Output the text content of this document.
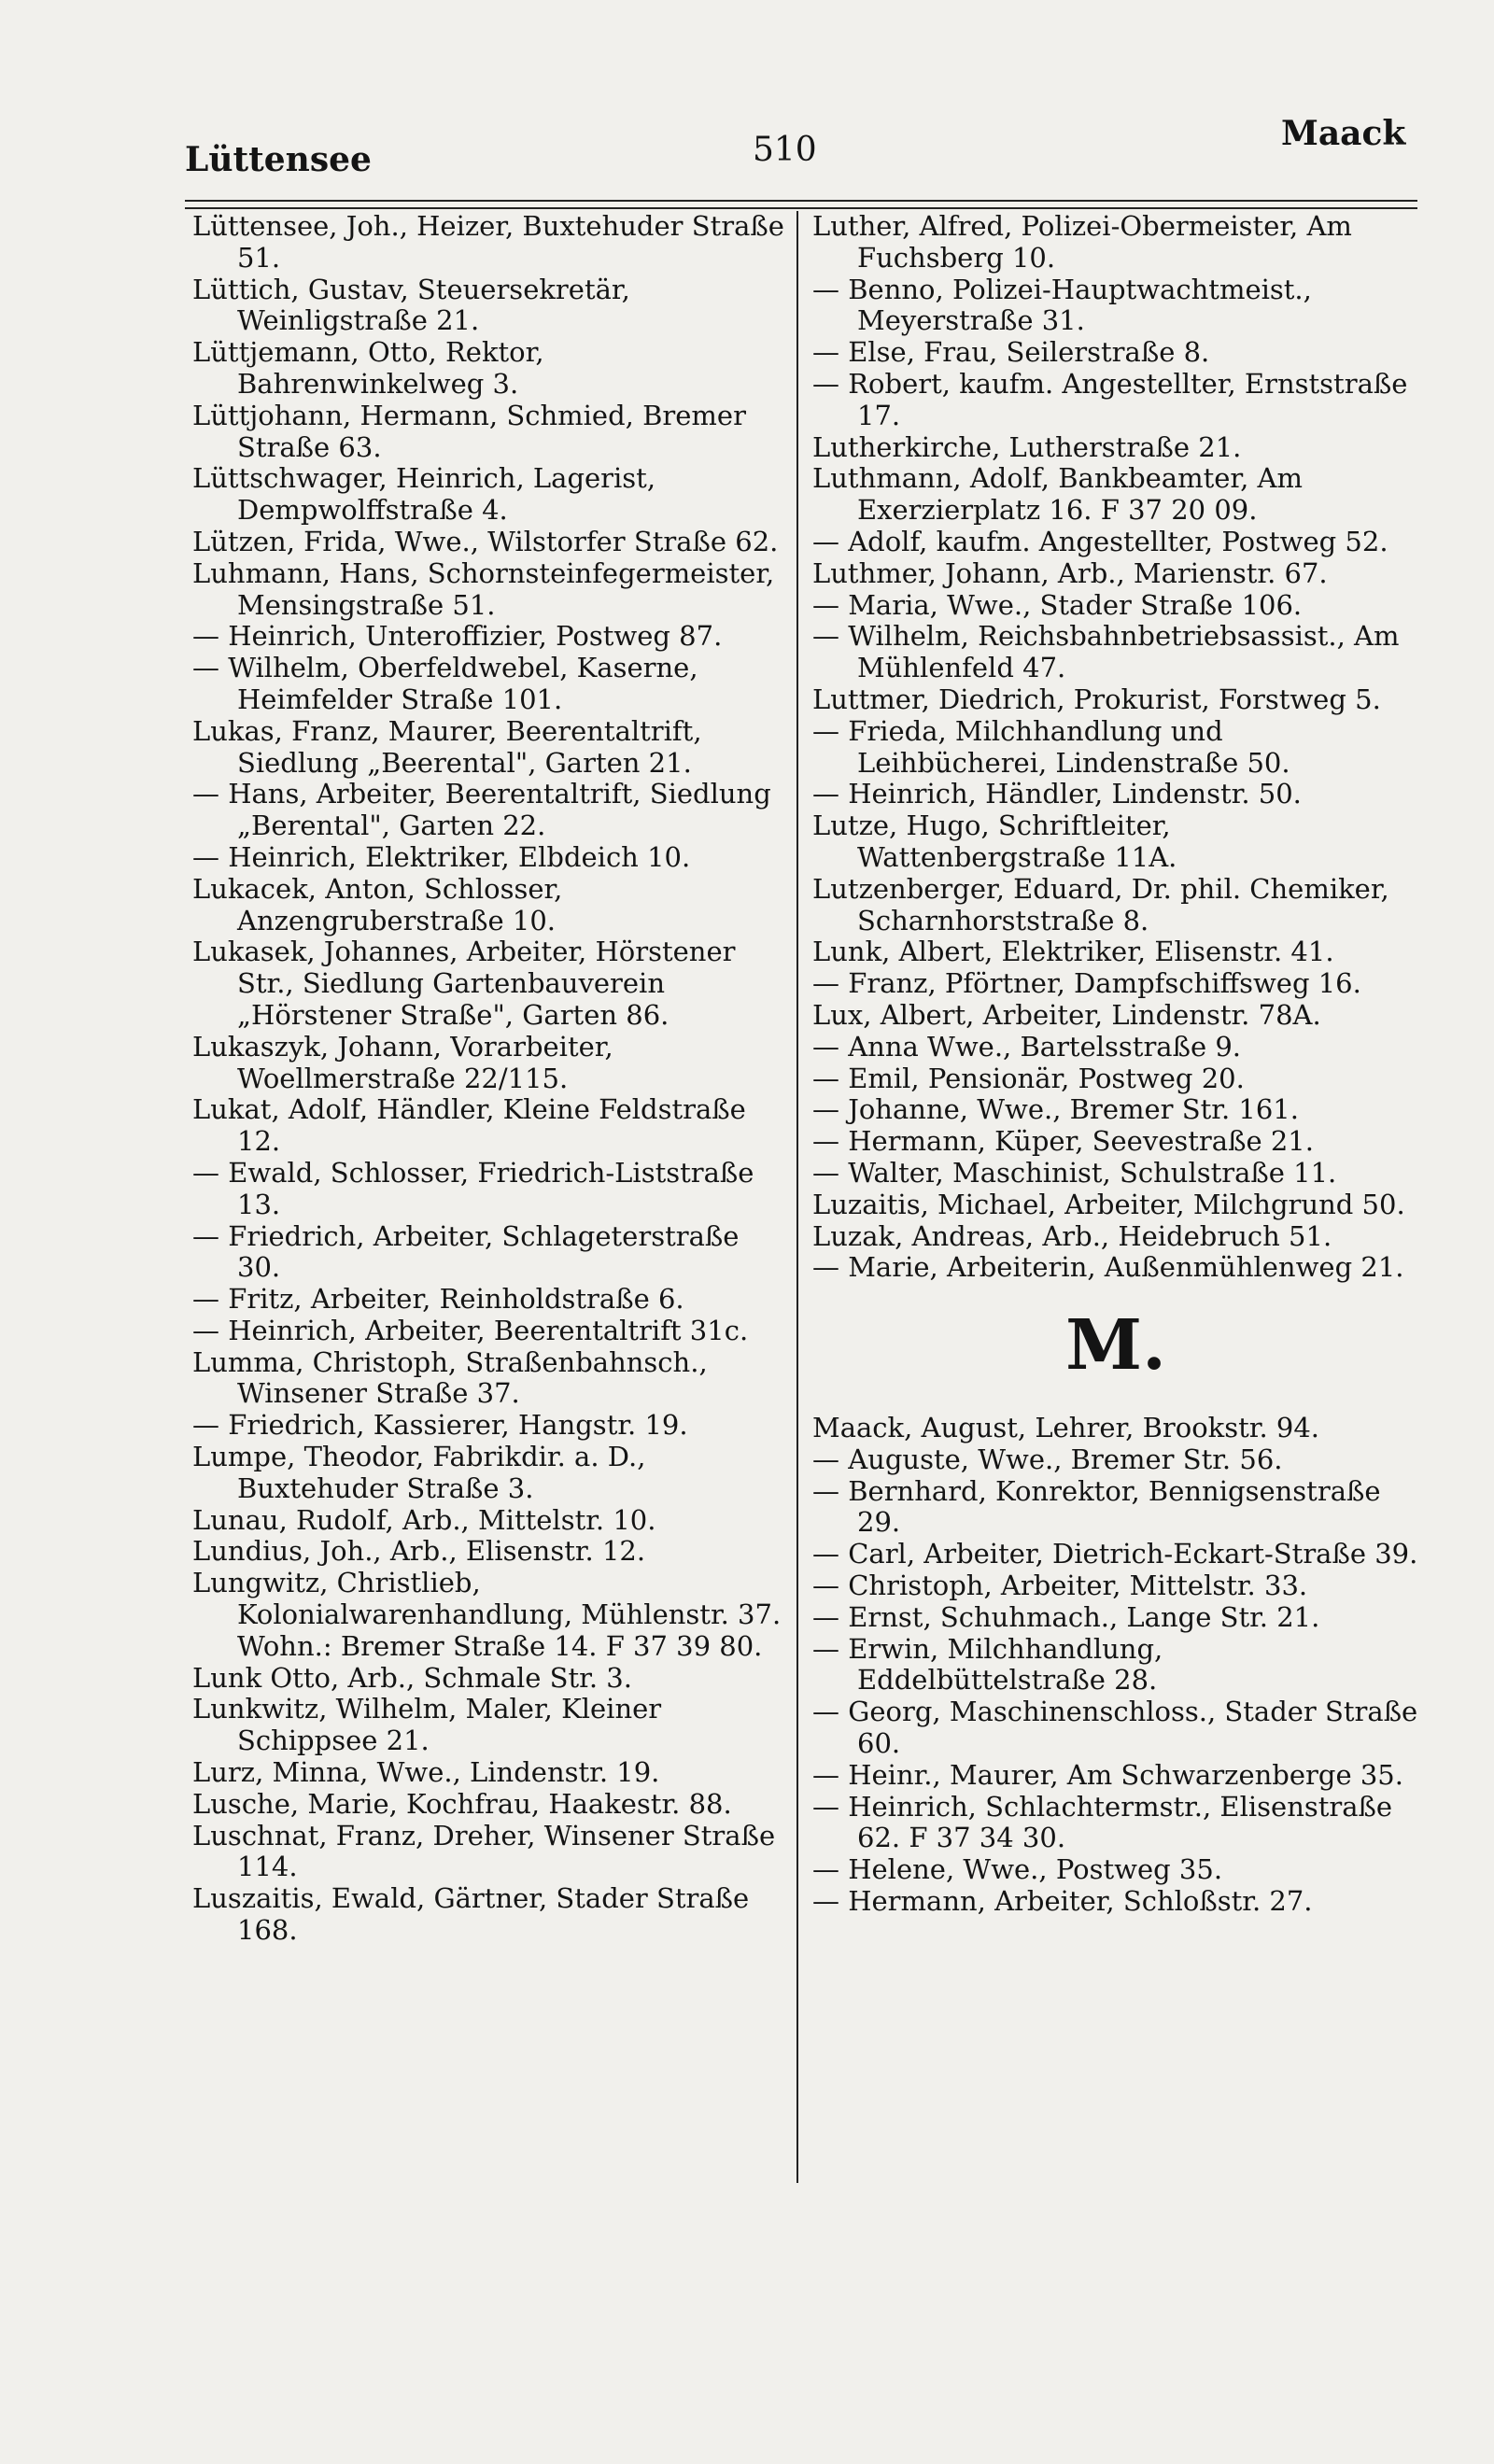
Lüttensee	510	Maack

Lüttensee, Joh., Heizer, Buxtehuder Straße 51.

Lüttich, Gustav, Steuersekretär, Weinligstraße 21.

Lüttjemann, Otto, Rektor, Bahrenwinkelweg 3.

Lüttjohann, Hermann, Schmied, Bremer Straße 63.

Lüttschwager, Heinrich, Lagerist, Dempwolffstraße 4.

Lützen, Frida, Wwe., Wilstorfer Straße 62.

Luhmann, Hans, Schornsteinfegermeister, Mensingstraße 51.

— Heinrich, Unteroffizier, Postweg 87.

— Wilhelm, Oberfeldwebel, Kaserne, Heimfelder Straße 101.

Lukas, Franz, Maurer, Beerentaltrift, Siedlung „Beerental", Garten 21.

— Hans, Arbeiter, Beerentaltrift, Siedlung „Berental", Garten 22.

— Heinrich, Elektriker, Elbdeich 10.

Lukacek, Anton, Schlosser, Anzengruberstraße 10.

Lukasek, Johannes, Arbeiter, Hörstener Str., Siedlung Gartenbauverein „Hörstener Straße", Garten 86.

Lukaszyk, Johann, Vorarbeiter, Woellmerstraße 22/115.

Lukat, Adolf, Händler, Kleine Feldstraße 12.

— Ewald, Schlosser, Friedrich-Liststraße 13.

— Friedrich, Arbeiter, Schlageterstraße 30.

— Fritz, Arbeiter, Reinholdstraße 6.

— Heinrich, Arbeiter, Beerentaltrift 31c.

Lumma, Christoph, Straßenbahnsch., Winsener Straße 37.

— Friedrich, Kassierer, Hangstr. 19.

Lumpe, Theodor, Fabrikdir. a. D., Buxtehuder Straße 3.

Lunau, Rudolf, Arb., Mittelstr. 10.

Lundius, Joh., Arb., Elisenstr. 12.

Lungwitz, Christlieb, Kolonialwarenhandlung, Mühlenstr. 37. Wohn.: Bremer Straße 14. F 37 39 80.

Lunk Otto, Arb., Schmale Str. 3.

Lunkwitz, Wilhelm, Maler, Kleiner Schippsee 21.

Lurz, Minna, Wwe., Lindenstr. 19.

Lusche, Marie, Kochfrau, Haakestr. 88.

Luschnat, Franz, Dreher, Winsener Straße 114.

Luszaitis, Ewald, Gärtner, Stader Straße 168.

Luther, Alfred, Polizei-Obermeister, Am Fuchsberg 10.

— Benno, Polizei-Hauptwachtmeist., Meyerstraße 31.

— Else, Frau, Seilerstraße 8.

— Robert, kaufm. Angestellter, Ernststraße 17.

Lutherkirche, Lutherstraße 21.

Luthmann, Adolf, Bankbeamter, Am Exerzierplatz 16. F 37 20 09.

— Adolf, kaufm. Angestellter, Postweg 52.

Luthmer, Johann, Arb., Marienstr. 67.

— Maria, Wwe., Stader Straße 106.

— Wilhelm, Reichsbahnbetriebsassist., Am Mühlenfeld 47.

Luttmer, Diedrich, Prokurist, Forstweg 5.

— Frieda, Milchhandlung und Leihbücherei, Lindenstraße 50.

— Heinrich, Händler, Lindenstr. 50.

Lutze, Hugo, Schriftleiter, Wattenbergstraße 11A.

Lutzenberger, Eduard, Dr. phil. Chemiker, Scharnhorststraße 8.

Lunk, Albert, Elektriker, Elisenstr. 41.

— Franz, Pförtner, Dampfschiffsweg 16.

Lux, Albert, Arbeiter, Lindenstr. 78A.

— Anna Wwe., Bartelsstraße 9.

— Emil, Pensionär, Postweg 20.

— Johanne, Wwe., Bremer Str. 161.

— Hermann, Küper, Seevestraße 21.

— Walter, Maschinist, Schulstraße 11.

Luzaitis, Michael, Arbeiter, Milchgrund 50.

Luzak, Andreas, Arb., Heidebruch 51.

— Marie, Arbeiterin, Außenmühlenweg 21.

M.

Maack, August, Lehrer, Brookstr. 94.

— Auguste, Wwe., Bremer Str. 56.

— Bernhard, Konrektor, Bennigsenstraße 29.

— Carl, Arbeiter, Dietrich-Eckart-Straße 39.

— Christoph, Arbeiter, Mittelstr. 33.

— Ernst, Schuhmach., Lange Str. 21.

— Erwin, Milchhandlung, Eddelbüttelstraße 28.

— Georg, Maschinenschloss., Stader Straße 60.

— Heinr., Maurer, Am Schwarzenberge 35.

— Heinrich, Schlachtermstr., Elisenstraße 62. F 37 34 30.

— Helene, Wwe., Postweg 35.

— Hermann, Arbeiter, Schloßstr. 27.
